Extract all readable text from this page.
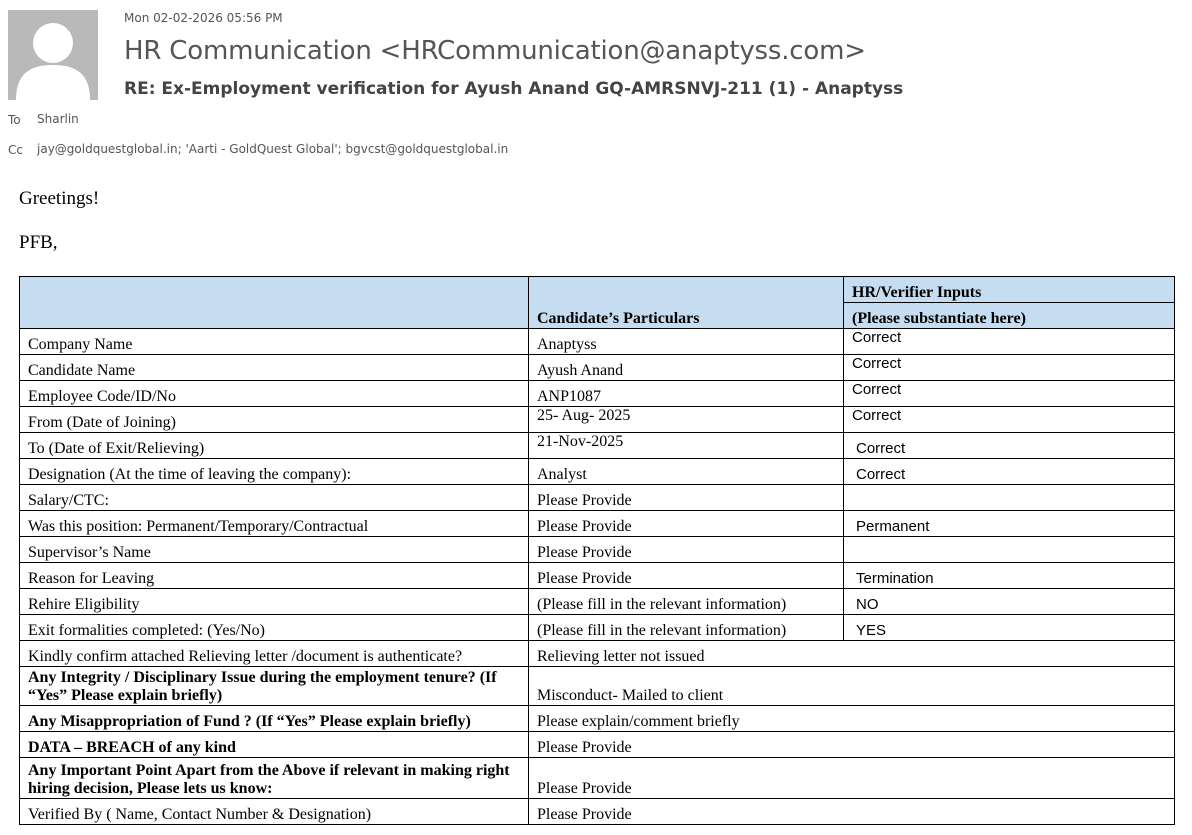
Mon 02-02-2026 05:56 PM
HR Communication <HRCommunication@anaptyss.com>
RE: Ex-Employment verification for Ayush Anand GQ-AMRSNVJ-211 (1) - Anaptyss
To Sharlin
Cc jay@goldquestglobal.in; 'Aarti - GoldQuest Global'; bgvcst@goldquestglobal.in
Greetings!
PFB,
	Candidate’s Particulars	HR/Verifier Inputs
		(Please substantiate here)
Company Name	Anaptyss	Correct
Candidate Name	Ayush Anand	Correct
Employee Code/ID/No	ANP1087	Correct
From (Date of Joining)	25- Aug- 2025	Correct
To (Date of Exit/Relieving)	21-Nov-2025	Correct
Designation (At the time of leaving the company):	Analyst	Correct
Salary/CTC:	Please Provide	
Was this position: Permanent/Temporary/Contractual	Please Provide	Permanent
Supervisor’s Name	Please Provide	
Reason for Leaving	Please Provide	Termination
Rehire Eligibility	(Please fill in the relevant information)	NO
Exit formalities completed: (Yes/No)	(Please fill in the relevant information)	YES
Kindly confirm attached Relieving letter /document is authenticate?	Relieving letter not issued	
Any Integrity / Disciplinary Issue during the employment tenure? (If “Yes” Please explain briefly)	Misconduct- Mailed to client	
Any Misappropriation of Fund ? (If “Yes” Please explain briefly)	Please explain/comment briefly	
DATA – BREACH of any kind	Please Provide	
Any Important Point Apart from the Above if relevant in making right hiring decision, Please lets us know:	Please Provide	
Verified By ( Name, Contact Number & Designation)	Please Provide	
